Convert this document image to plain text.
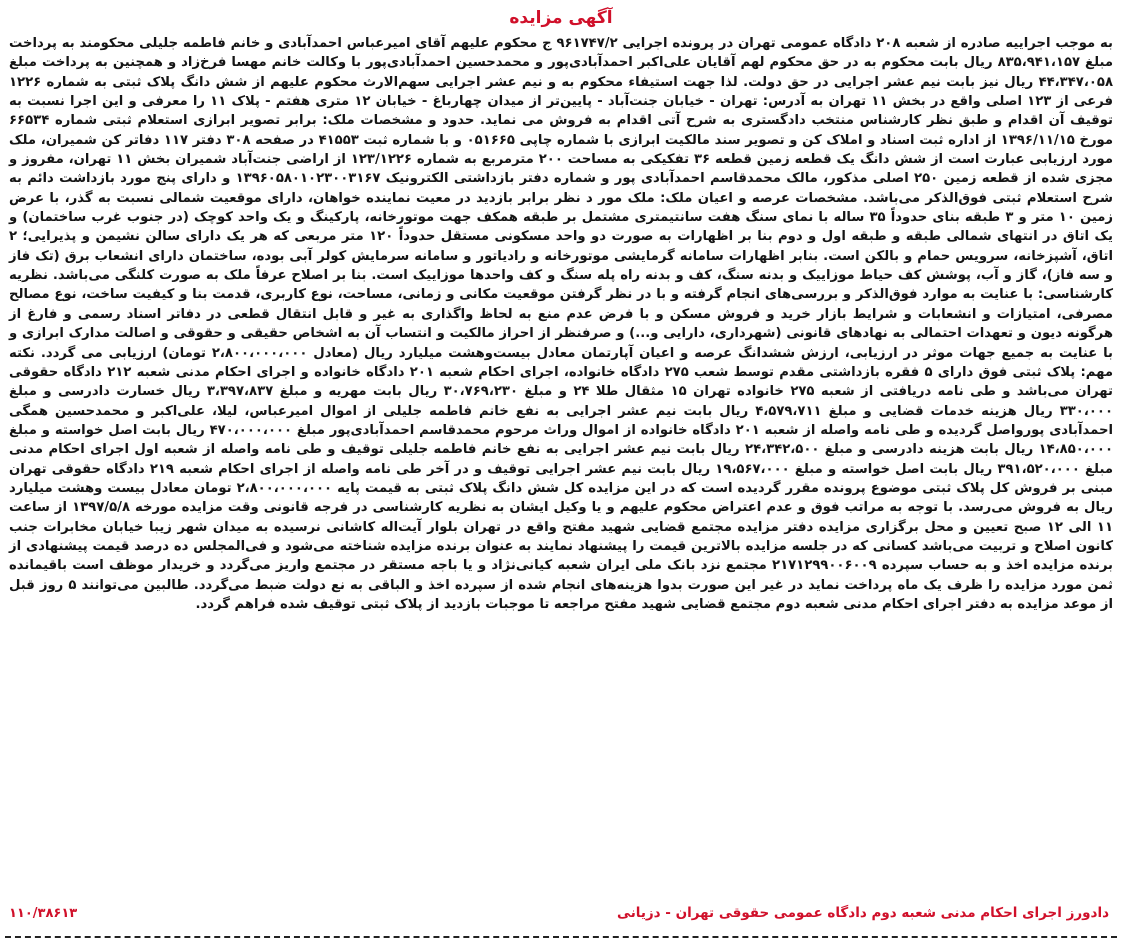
آگهی مزایده
به موجب اجراییه صادره از شعبه ۲۰۸ دادگاه عمومی تهران در پرونده اجرایی ۹۶۱۷۴۷/۲ ج محکوم علیهم آقای امیرعباس احمدآبادی و خانم فاطمه جلیلی محکومند به پرداخت مبلغ ۸۳۵،۹۴۱،۱۵۷ ریال بابت محکوم به در حق محکوم لهم آقایان علی‌اکبر احمدآبادی‌پور و محمدحسین احمدآبادی‌پور با وکالت خانم مهسا فرخ‌زاد و همچنین به پرداخت مبلغ ۴۴،۳۴۷،۰۵۸ ریال نیز بابت نیم عشر اجرایی در حق دولت. لذا جهت استیفاء محکوم به و نیم عشر اجرایی سهم‌الارث محکوم علیهم از شش دانگ پلاک ثبتی به شماره ۱۲۲۶ فرعی از ۱۲۳ اصلی واقع در بخش ۱۱ تهران به آدرس: تهران - خیابان جنت‌آباد - پایین‌تر از میدان چهارباغ - خیابان ۱۲ متری هفتم - پلاک ۱۱ را معرفی و این اجرا نسبت به توقیف آن اقدام و طبق نظر کارشناس منتخب دادگستری به شرح آتی اقدام به فروش می نماید. حدود و مشخصات ملک: برابر تصویر ابرازی استعلام ثبتی شماره ۶۶۵۳۴ مورخ ۱۳۹۶/۱۱/۱۵ از اداره ثبت اسناد و املاک کن و تصویر سند مالکیت ابرازی با شماره چاپی ۰۵۱۶۶۵ و با شماره ثبت ۴۱۵۵۳ در صفحه ۳۰۸ دفتر ۱۱۷ دفاتر کن شمیران، ملک مورد ارزیابی عبارت است از شش دانگ یک قطعه زمین قطعه ۳۶ تفکیکی به مساحت ۲۰۰ مترمربع به شماره ۱۲۳/۱۲۲۶ از اراضی جنت‌آباد شمیران بخش ۱۱ تهران، مفروز و مجزی شده از قطعه زمین ۲۵۰ اصلی مذکور، مالک محمدقاسم احمدآبادی پور و شماره دفتر بازداشتی الکترونیک ۱۳۹۶۰۵۸۰۱۰۲۳۰۰۳۱۶۷ و دارای پنج مورد بازداشت دائم به شرح استعلام ثبتی فوق‌الذکر می‌باشد. مشخصات عرصه و اعیان ملک: ملک مور د نظر برابر بازدید در معیت نماینده خواهان، دارای موقعیت شمالی نسبت به گذر، با عرض زمین ۱۰ متر و ۳ طبقه بنای حدوداً ۳۵ ساله با نمای سنگ هفت سانتیمتری مشتمل بر طبقه همکف جهت موتورخانه، پارکینگ و یک واحد کوچک (در جنوب غرب ساختمان) و یک اتاق در انتهای شمالی طبقه و طبقه اول و دوم بنا بر اظهارات به صورت دو واحد مسکونی مستقل حدوداً ۱۲۰ متر مربعی که هر یک دارای سالن نشیمن و پذیرایی؛ ۲ اتاق، آشپزخانه، سرویس حمام و بالکن است. بنابر اظهارات سامانه گرمایشی موتورخانه و رادیاتور و سامانه سرمایش کولر آبی بوده، ساختمان دارای انشعاب برق (تک فاز و سه فاز)، گاز و آب، پوشش کف حیاط موزاییک و بدنه سنگ، کف و بدنه راه پله سنگ و کف واحدها موزاییک است. بنا بر اصلاح عرفاً ملک به صورت کلنگی می‌باشد. نظریه کارشناسی: با عنایت به موارد فوق‌الذکر و بررسی‌های انجام گرفته و با در نظر گرفتن موقعیت مکانی و زمانی، مساحت، نوع کاربری، قدمت بنا و کیفیت ساخت، نوع مصالح مصرفی، امتیازات و انشعابات و شرایط بازار خرید و فروش مسکن و با فرض عدم منع به لحاظ واگذاری به غیر و قابل انتقال قطعی در دفاتر اسناد رسمی و فارغ از هرگونه دیون و تعهدات احتمالی به نهادهای قانونی (شهرداری، دارایی و...) و صرفنظر از احراز مالکیت و انتساب آن به اشخاص حقیقی و حقوقی و اصالت مدارک ابرازی و با عنایت به جمیع جهات موثر در ارزیابی، ارزش ششدانگ عرصه و اعیان آپارتمان معادل بیست‌وهشت میلیارد ریال (معادل ۲،۸۰۰،۰۰۰،۰۰۰ تومان) ارزیابی می گردد. نکته مهم: پلاک ثبتی فوق دارای ۵ فقره بازداشتی مقدم توسط شعب ۲۷۵ دادگاه خانواده، اجرای احکام شعبه ۲۰۱ دادگاه خانواده و اجرای احکام مدنی شعبه ۲۱۲ دادگاه حقوقی تهران می‌باشد و طی نامه دریافتی از شعبه ۲۷۵ خانواده تهران ۱۵ مثقال طلا ۲۴ و مبلغ ۳۰،۷۶۹،۲۳۰ ریال بابت مهریه و مبلغ ۳،۳۹۷،۸۳۷ ریال خسارت دادرسی و مبلغ ۳۳۰،۰۰۰ ریال هزینه خدمات قضایی و مبلغ ۴،۵۷۹،۷۱۱ ریال بابت نیم عشر اجرایی به نفع خانم فاطمه جلیلی از اموال امیرعباس، لیلا، علی‌اکبر و محمدحسین همگی احمدآبادی پورواصل گردیده و طی نامه واصله از شعبه ۲۰۱ دادگاه خانواده از اموال وراث مرحوم محمدقاسم احمدآبادی‌پور مبلغ ۴۷۰،۰۰۰،۰۰۰ ریال بابت اصل خواسته و مبلغ ۱۴،۸۵۰،۰۰۰ ریال بابت هزینه دادرسی و مبلغ ۲۴،۳۴۲،۵۰۰ ریال بابت نیم عشر اجرایی به نفع خانم فاطمه جلیلی توقیف و طی نامه واصله از شعبه اول اجرای احکام مدنی مبلغ ۳۹۱،۵۲۰،۰۰۰ ریال بابت اصل خواسته و مبلغ ۱۹،۵۶۷،۰۰۰ ریال بابت نیم عشر اجرایی توقیف و در آخر طی نامه واصله از اجرای احکام شعبه ۲۱۹ دادگاه حقوقی تهران مبنی بر فروش کل پلاک ثبتی موضوع پرونده مقرر گردیده است که در این مزایده کل شش دانگ پلاک ثبتی به قیمت پایه ۲،۸۰۰،۰۰۰،۰۰۰ تومان معادل بیست وهشت میلیارد ریال به فروش می‌رسد. با توجه به مراتب فوق و عدم اعتراض محکوم علیهم و یا وکیل ایشان به نظریه کارشناسی در فرجه قانونی وقت مزایده مورخه ۱۳۹۷/۵/۸ از ساعت ۱۱ الی ۱۲ صبح تعیین و محل برگزاری مزایده دفتر مزایده مجتمع قضایی شهید مفتح واقع در تهران بلوار آیت‌اله کاشانی نرسیده به میدان شهر زیبا خیابان مخابرات جنب کانون اصلاح و تربیت می‌باشد کسانی که در جلسه مزایده بالاترین قیمت را پیشنهاد نمایند به عنوان برنده مزایده شناخته می‌شود و فی‌المجلس ده درصد قیمت پیشنهادی از برنده مزایده اخذ و به حساب سپرده ۲۱۷۱۲۹۹۰۰۶۰۰۹ مجتمع نزد بانک ملی ایران شعبه کیانی‌نژاد و یا باجه مستقر در مجتمع واریز می‌گردد و خریدار موظف است باقیمانده ثمن مورد مزایده را ظرف یک ماه پرداخت نماید در غیر این صورت بدوا هزینه‌های انجام شده از سپرده اخذ و الباقی به نع دولت ضبط می‌گردد. طالبین می‌توانند ۵ روز قبل از موعد مزایده به دفتر اجرای احکام مدنی شعبه دوم مجتمع قضایی شهید مفتح مراجعه تا موجبات بازدید از پلاک ثبتی توقیف شده فراهم گردد.
دادورز اجرای احکام مدنی شعبه دوم دادگاه عمومی حقوقی تهران - دزیانی
۱۱۰/۳۸۶۱۳
